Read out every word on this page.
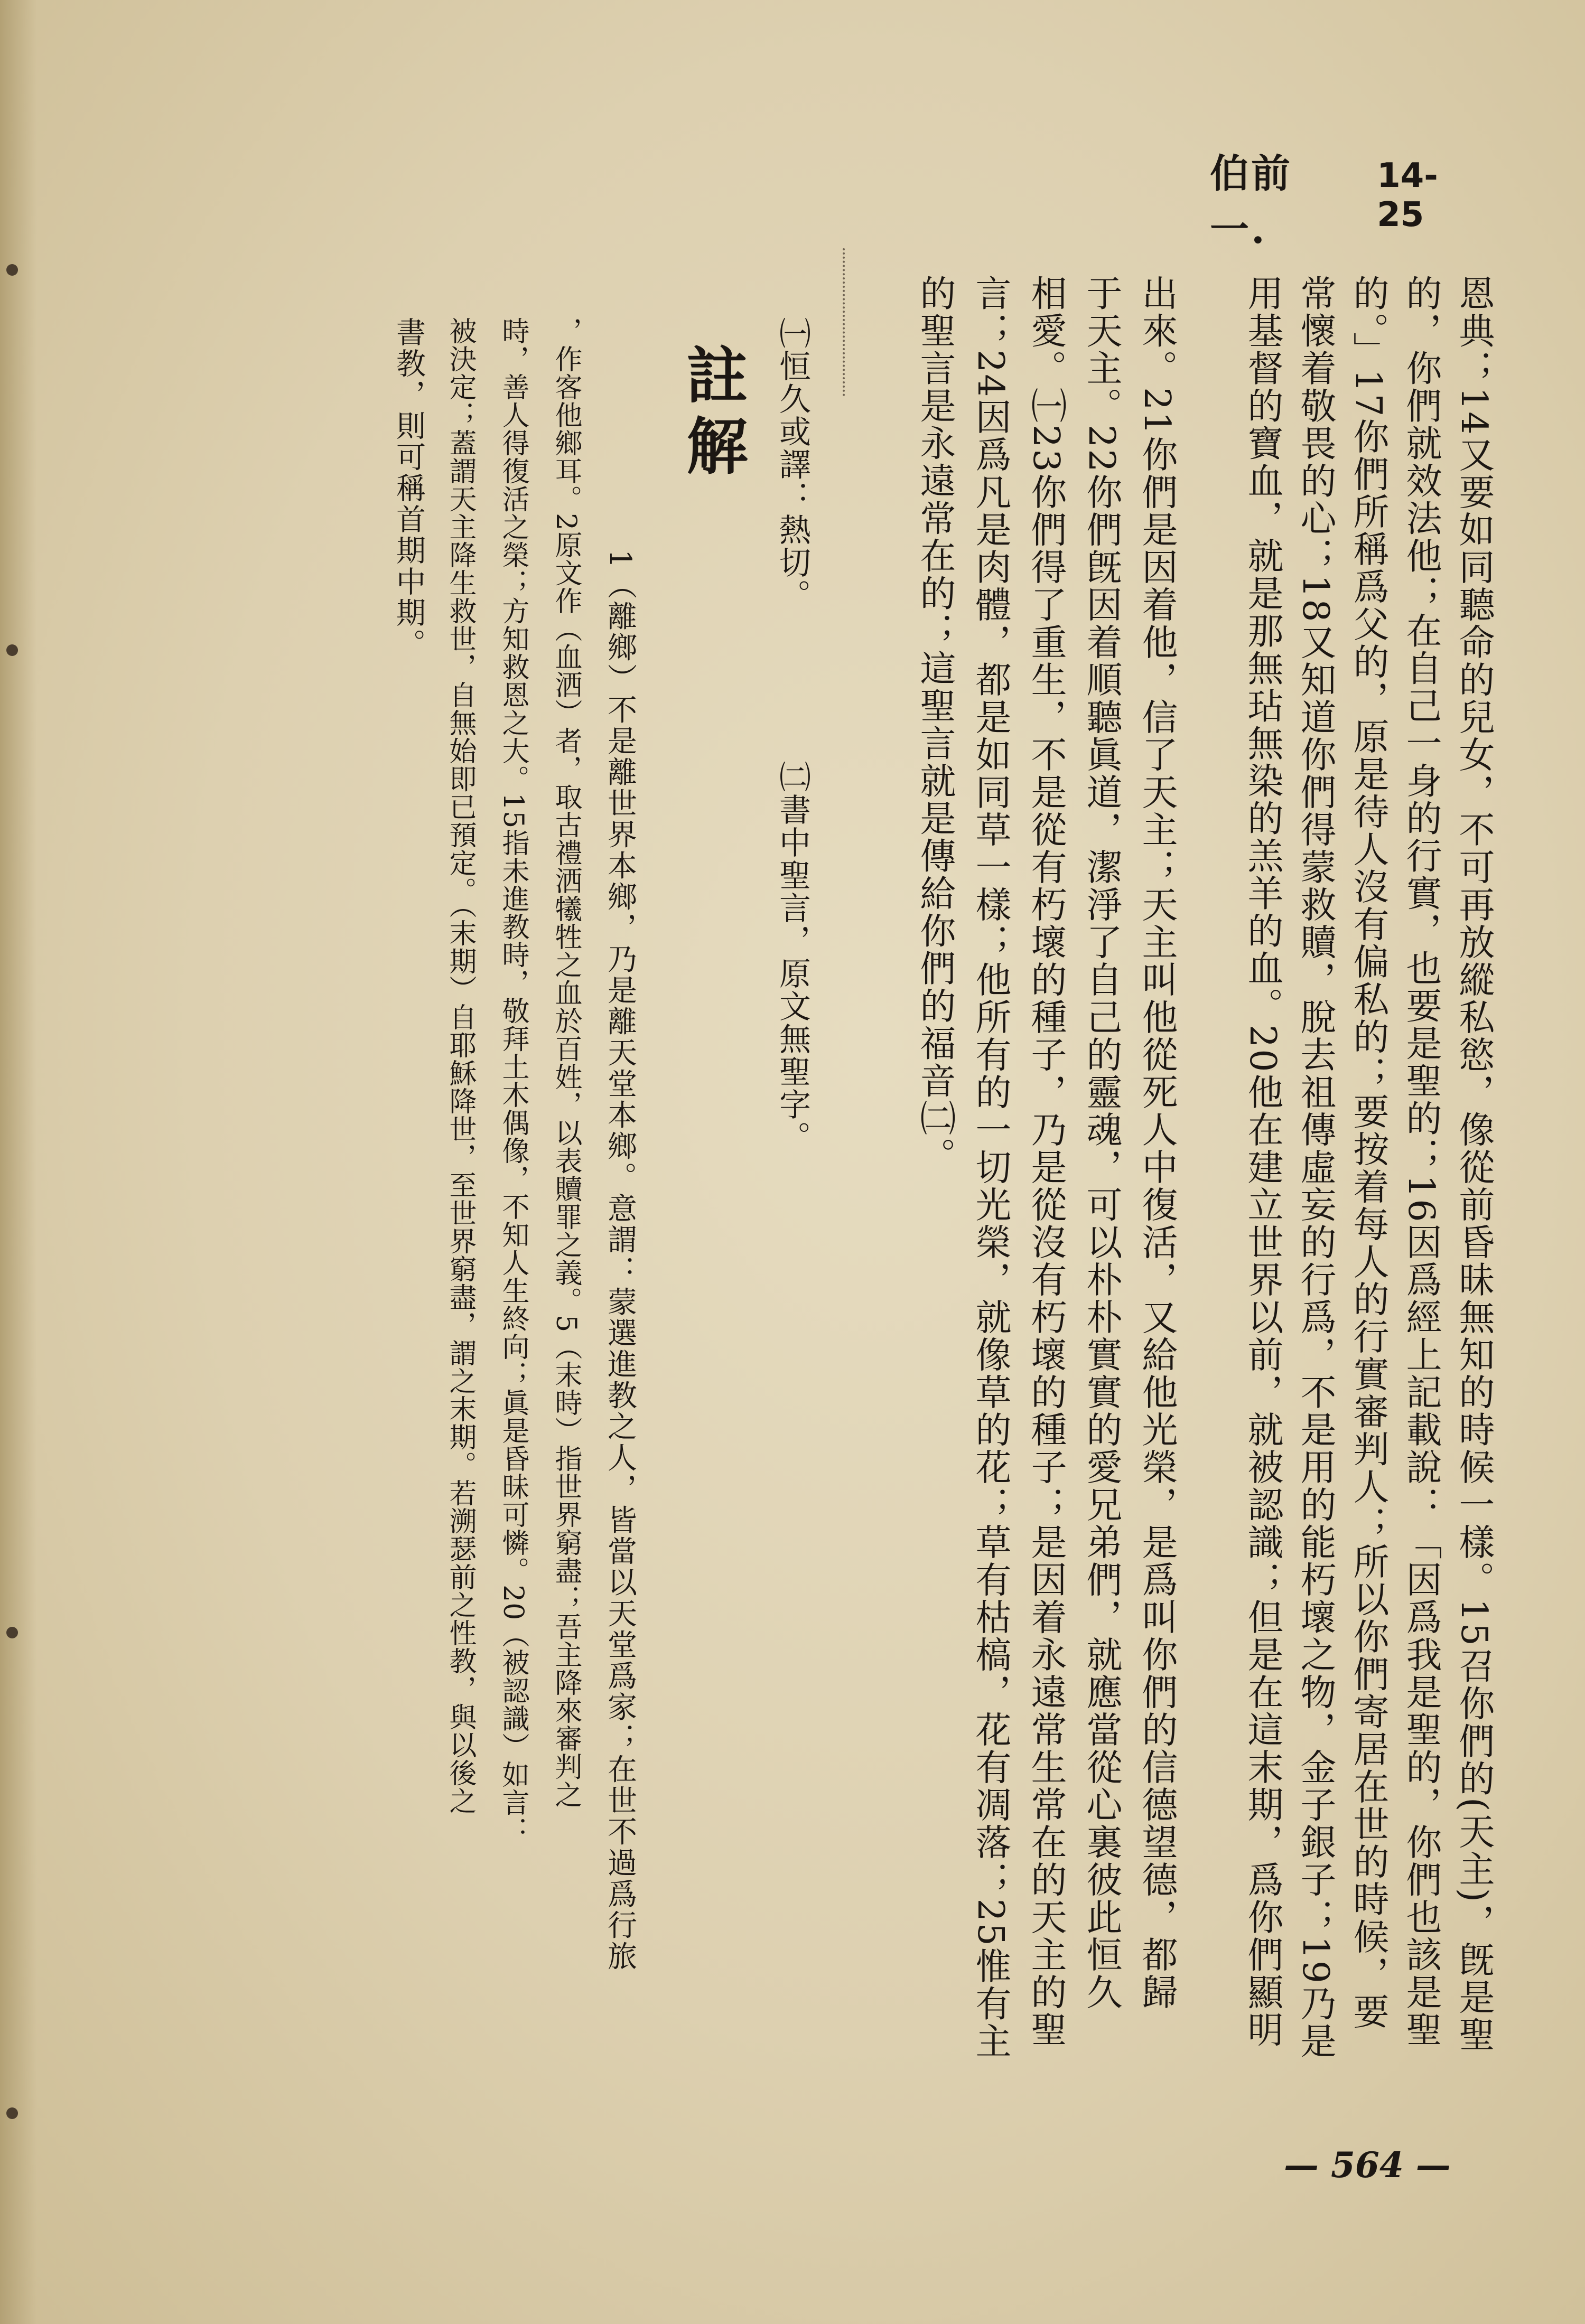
伯前 一.
14-25
恩典；14又要如同聽命的兒女，不可再放縱私慾，像從前昏昧無知的時候一樣。15召你們的(天主)，旣是聖
的，你們就效法他；在自己一身的行實，也要是聖的；16因爲經上記載說：「因爲我是聖的，你們也該是聖
的。」17你們所稱爲父的，原是待人沒有偏私的；要按着每人的行實審判人；所以你們寄居在世的時候，要
常懷着敬畏的心；18又知道你們得蒙救贖，脫去祖傳虛妄的行爲，不是用的能朽壞之物，金子銀子；19乃是
用基督的寶血，就是那無玷無染的羔羊的血。20他在建立世界以前，就被認識；但是在這末期，爲你們顯明
出來。21你們是因着他，信了天主；天主叫他從死人中復活，又給他光榮，是爲叫你們的信德望德，都歸
于天主。22你們旣因着順聽眞道，潔淨了自己的靈魂，可以朴朴實實的愛兄弟們，就應當從心裏彼此恒久
相愛。㈠23你們得了重生，不是從有朽壞的種子，乃是從沒有朽壞的種子；是因着永遠常生常在的天主的聖
言；24因爲凡是肉體，都是如同草一樣；他所有的一切光榮，就像草的花；草有枯槁，花有凋落；25惟有主
的聖言是永遠常在的；這聖言就是傳給你們的福音㈡。
㈠恒久或譯：熱切。
㈡書中聖言，原文無聖字。
註解
1（離鄉）不是離世界本鄉，乃是離天堂本鄉。意謂：蒙選進教之人，皆當以天堂爲家；在世不過爲行旅
，作客他鄉耳。2原文作（血洒）者，取古禮洒犧牲之血於百姓，以表贖罪之義。5（末時）指世界窮盡；吾主降來審判之
時，善人得復活之榮；方知救恩之大。15指未進教時，敬拜土木偶像，不知人生終向；眞是昏昧可憐。20（被認識）如言：
被決定；蓋謂天主降生救世，自無始即已預定。（末期）自耶穌降世，至世界窮盡，謂之末期。若溯瑟前之性教，與以後之
書教，則可稱首期中期。
— 564 —
